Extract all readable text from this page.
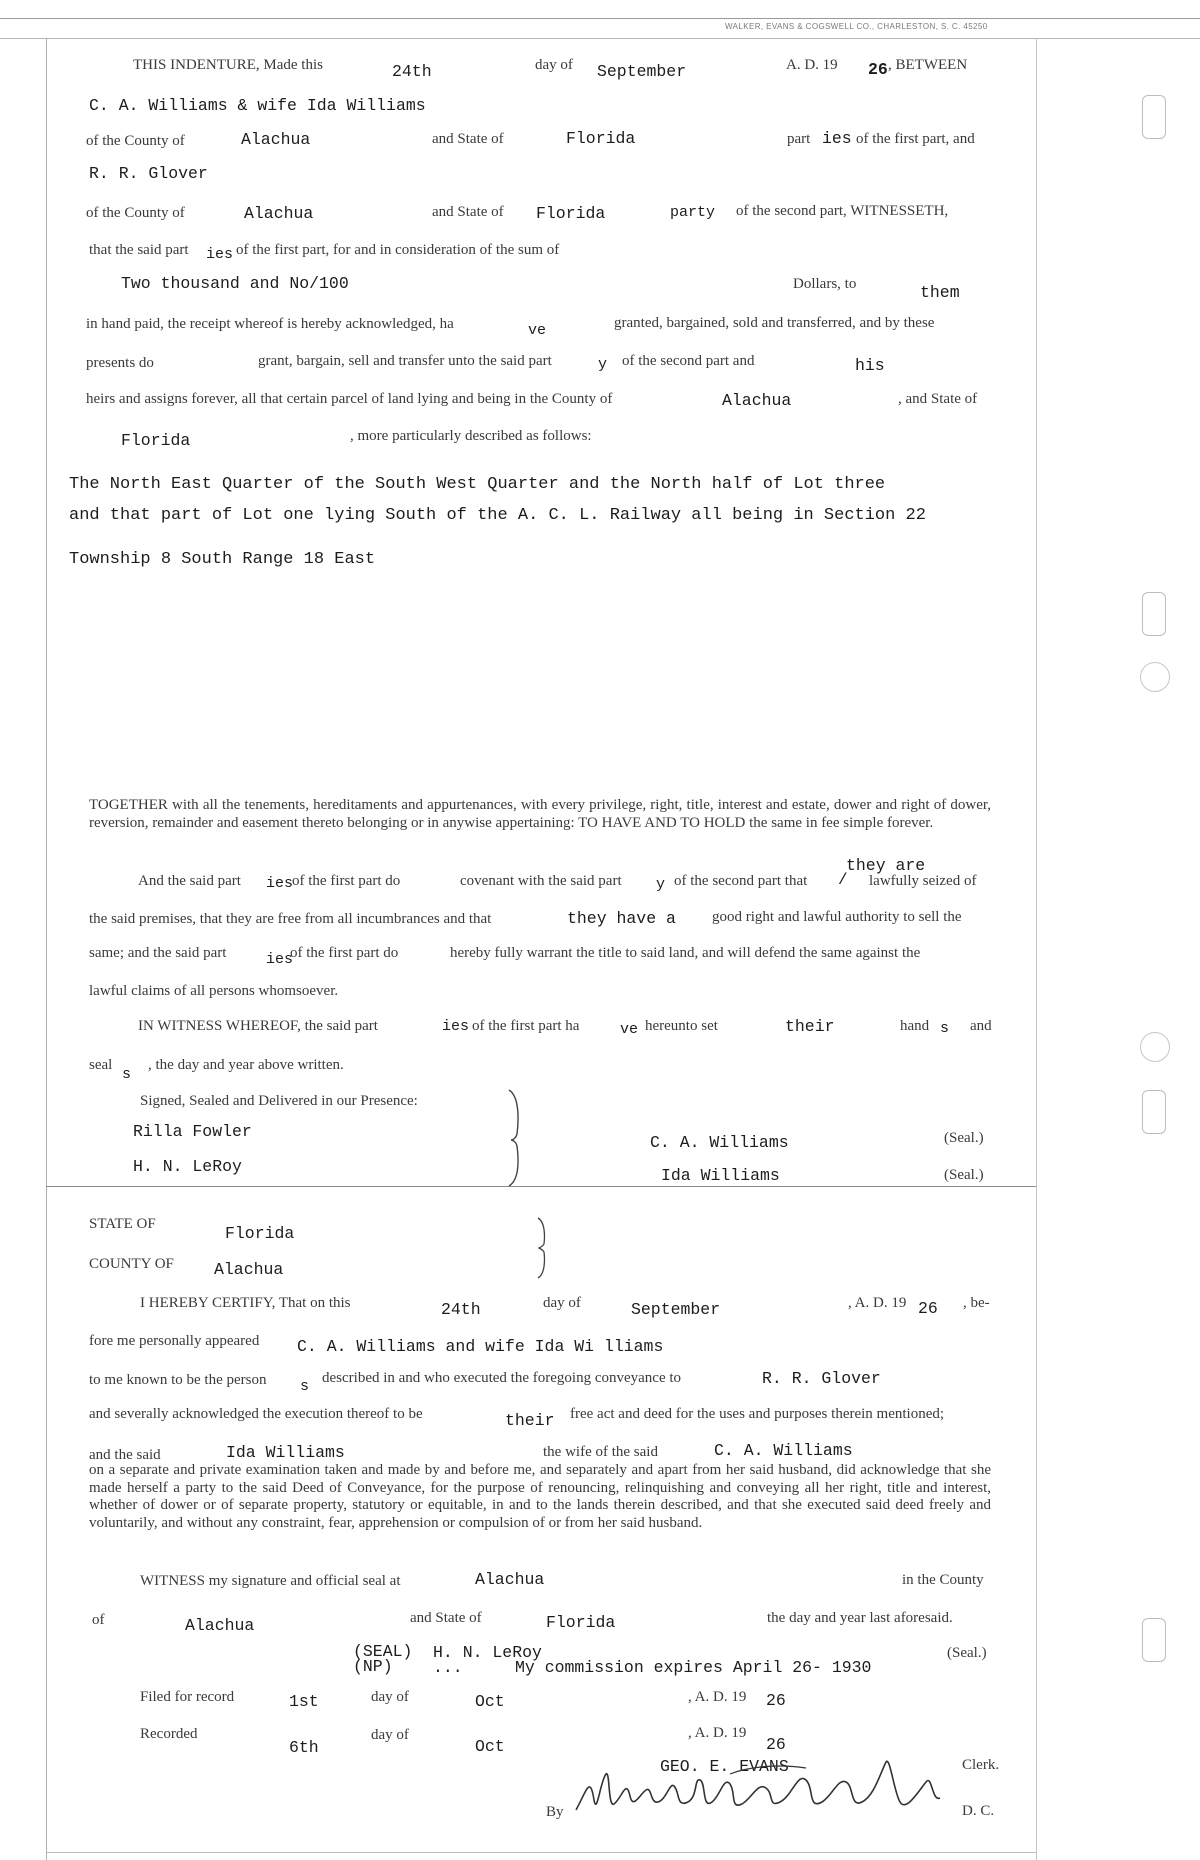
WALKER, EVANS & COGSWELL CO., CHARLESTON, S. C. 45250
THIS INDENTURE, Made this	24th	day of September	A. D. 19 26 , BETWEEN
C. A. Williams & wife Ida Williams
of the County of	Alachua	and State of	Florida	part ies of the first part, and
R. R. Glover
of the County of	Alachua	and State of Florida	party of the second part, WITNESSETH,
that the said part ies of the first part, for and in consideration of the sum of
Two thousand and No/100	Dollars, to	them
in hand paid, the receipt whereof is hereby acknowledged, ha	ve	granted, bargained, sold and transferred, and by these
presents do	grant, bargain, sell and transfer unto the said part	y of the second part and	his
heirs and assigns forever, all that certain parcel of land lying and being in the County of	Alachua	, and State of
Florida	, more particularly described as follows:
The North East Quarter of the South West Quarter and the North half of Lot three
and that part of Lot one lying South of the A. C. L. Railway all being in Section 22
Township 8 South Range 18 East
TOGETHER with all the tenements, hereditaments and appurtenances, with every privilege, right, title, interest and estate, dower and right of dower, reversion, remainder and easement thereto belonging or in anywise appertaining: TO HAVE AND TO HOLD the same in fee simple forever.
they are
And the said part ies
of the first part do	covenant with the said part y of the second part that / lawfully seized of
the said premises, that they are free from all incumbrances and that	they have a good right and lawful authority to sell the
same; and the said part	ies
of the first part do	hereby fully warrant the title to said land, and will defend the same against the
lawful claims of all persons whomsoever.
IN WITNESS WHEREOF, the said part	ies of the first part ha	ve hereunto set	their	hand s and
seal
s
, the day and year above written.
Signed, Sealed and Delivered in our Presence:
Rilla Fowler
H. N. LeRoy
C. A. Williams	(Seal.)
Ida Williams	(Seal.)
STATE OF	Florida
COUNTY OF Alachua
I HEREBY CERTIFY, That on this	24th	day of	September	, A. D. 19 26 , be-
fore me personally appeared C. A. Williams and wife Ida Wi lliams
to me known to be the person s described in and who executed the foregoing conveyance to	R. R. Glover
and severally acknowledged the execution thereof to be	their free act and deed for the uses and purposes therein mentioned;
and the said	Ida Williams	the wife of the said	C. A. Williams
on a separate and private examination taken and made by and before me, and separately and apart from her said husband, did acknowledge that she made herself a party to the said Deed of Conveyance, for the purpose of renouncing, relinquishing and conveying all her right, title and interest, whether of dower or of separate property, statutory or equitable, in and to the lands therein described, and that she executed said deed freely and voluntarily, and without any constraint, fear, apprehension or compulsion of or from her said husband.
WITNESS my signature and official seal at	Alachua	in the County
of	Alachua	and State of	Florida	the day and year last aforesaid.
(SEAL)
(NP)
H. N. LeRoy
...	My commission expires April 26- 1930
(Seal.)
Filed for record	1st	day of	Oct	, A. D. 19 26
Recorded
6th
day of
Oct
, A. D. 19
26
GEO. E. EVANS	Clerk.
By	D. C.
